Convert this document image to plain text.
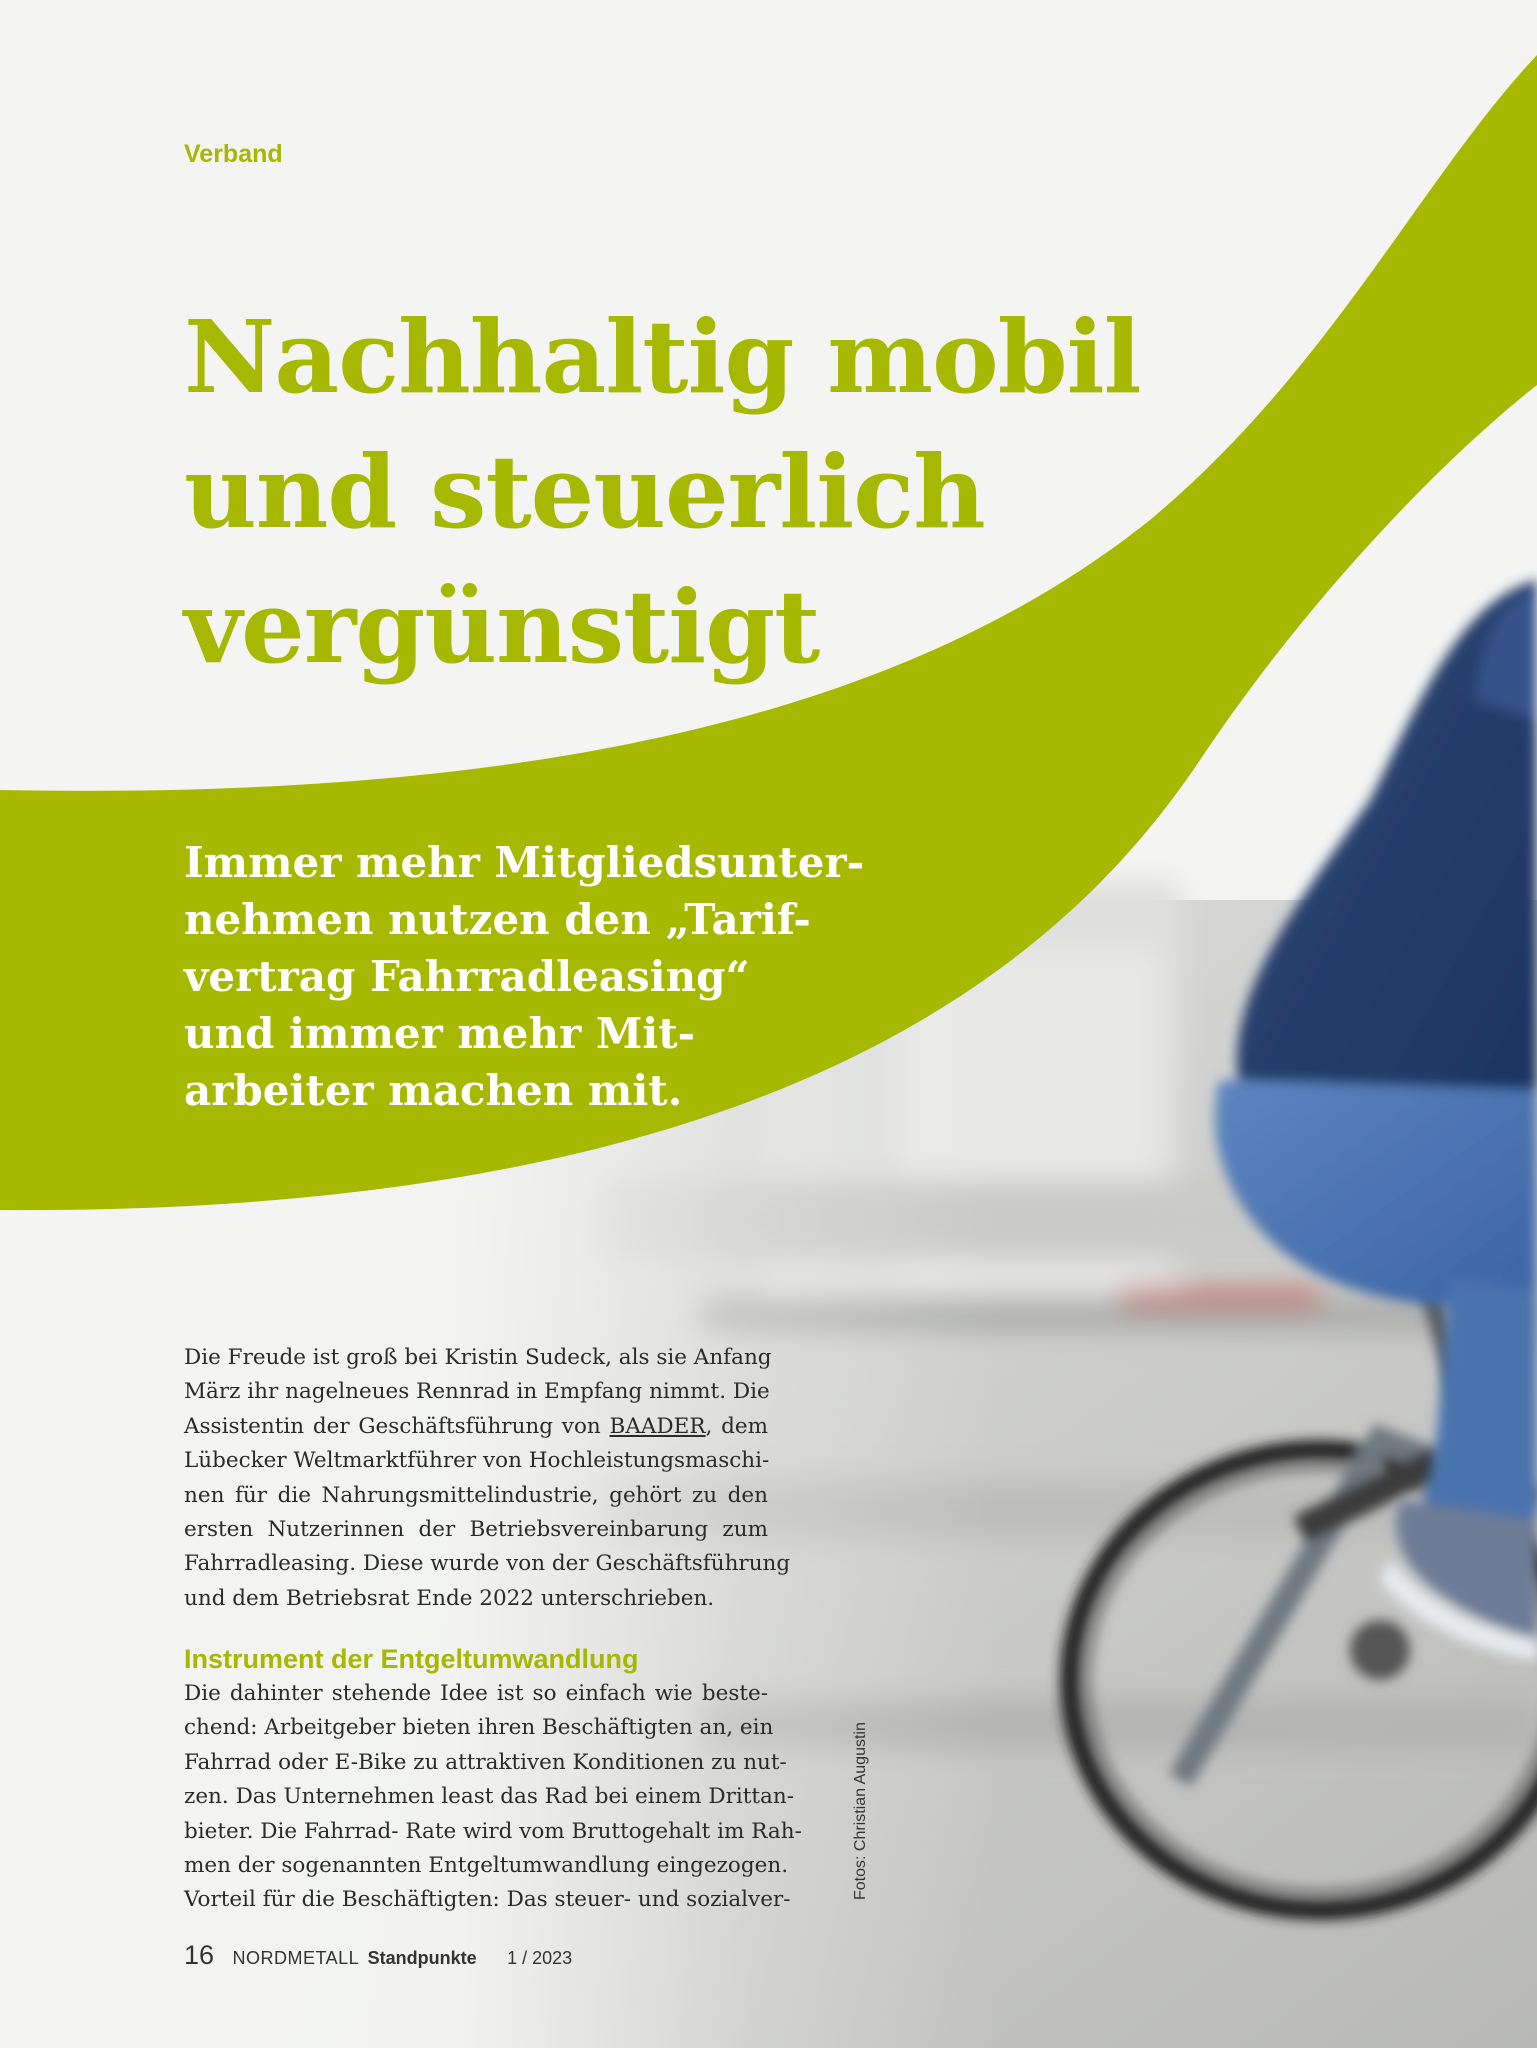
Verband
Nachhaltig mobil
und steuerlich
vergünstigt
Immer mehr Mitgliedsunter-
nehmen nutzen den „Tarif-
vertrag Fahrradleasing“
und immer mehr Mit-
arbeiter machen mit.
Die Freude ist groß bei Kristin Sudeck, als sie Anfang
März ihr nagelneues Rennrad in Empfang nimmt. Die
Assistentin der Geschäftsführung von BAADER, dem
Lübecker Weltmarktführer von Hochleistungsmaschi-
nen für die Nahrungsmittelindustrie, gehört zu den
ersten Nutzerinnen der Betriebsvereinbarung zum
Fahrradleasing. Diese wurde von der Geschäftsführung
und dem Betriebsrat Ende 2022 unterschrieben.
Instrument der Entgeltumwandlung
Die dahinter stehende Idee ist so einfach wie beste-
chend: Arbeitgeber bieten ihren Beschäftigten an, ein
Fahrrad oder E-Bike zu attraktiven Konditionen zu nut-
zen. Das Unternehmen least das Rad bei einem Drittan-
bieter. Die Fahrrad- Rate wird vom Bruttogehalt im Rah-
men der sogenannten Entgeltumwandlung eingezogen.
Vorteil für die Beschäftigten: Das steuer- und sozialver-	Fotos: Christian Augustin
16 NORDMETALL Standpunkte 1 / 2023
